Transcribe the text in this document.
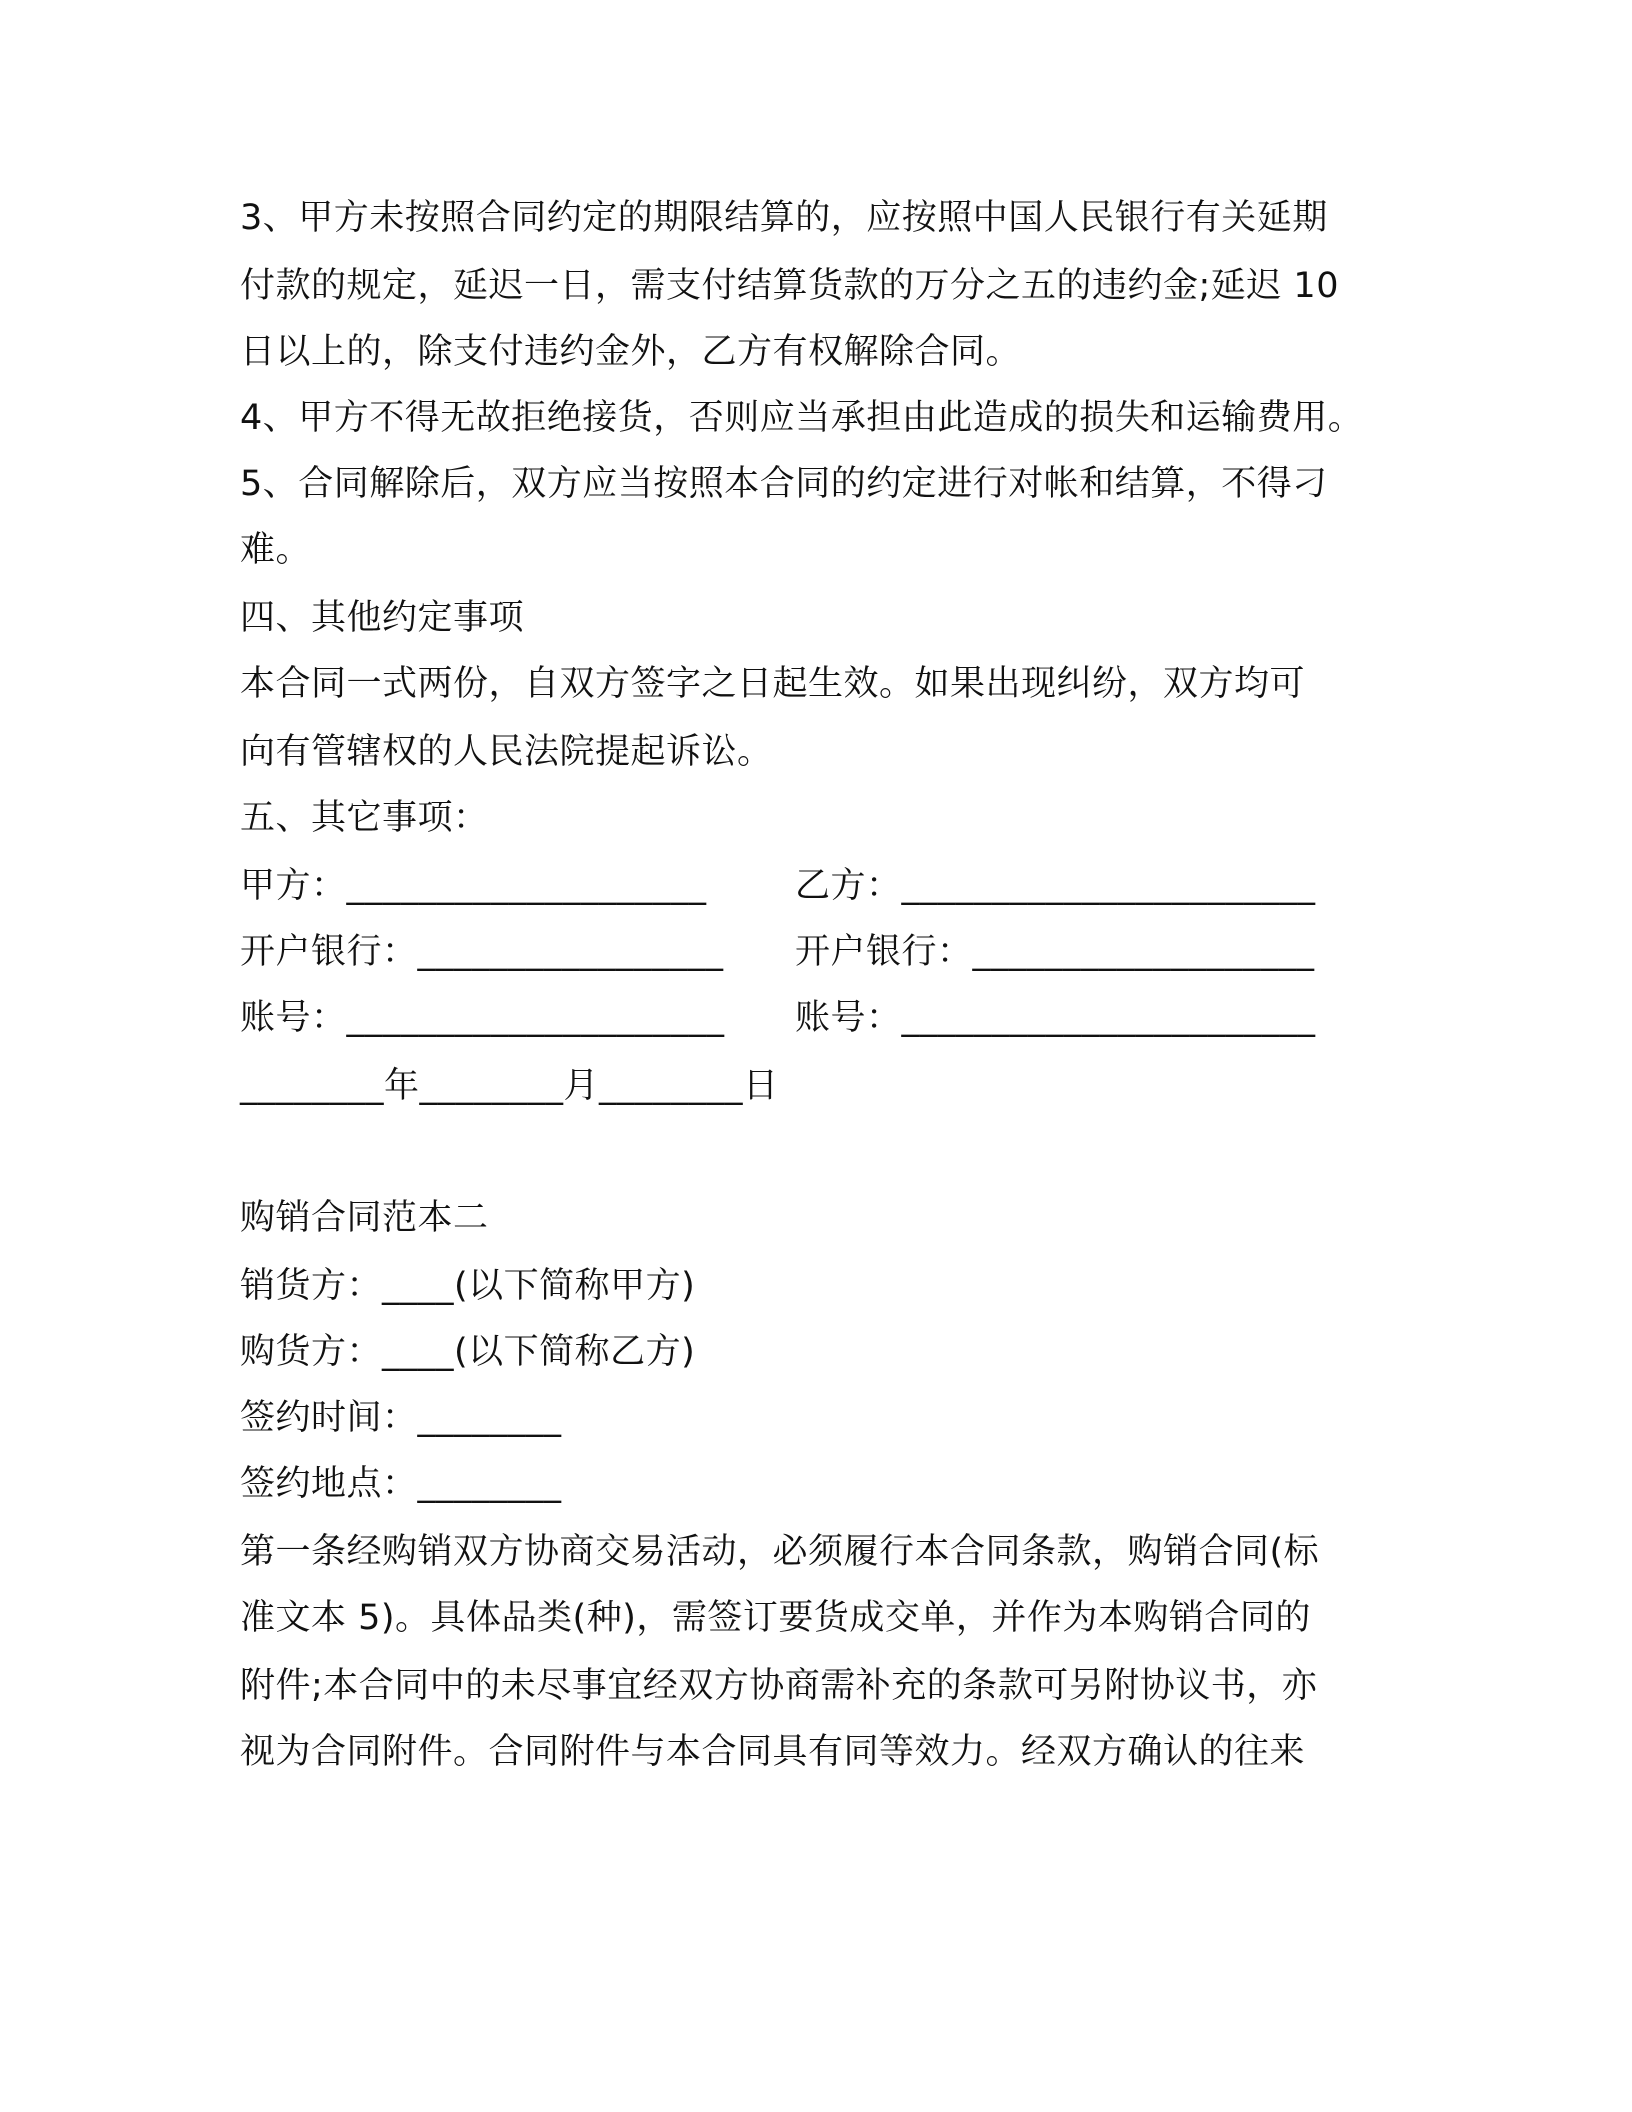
3、甲方未按照合同约定的期限结算的，应按照中国人民银行有关延期
付款的规定，延迟一日，需支付结算货款的万分之五的违约金;延迟 10
日以上的，除支付违约金外，乙方有权解除合同。
4、甲方不得无故拒绝接货，否则应当承担由此造成的损失和运输费用。
5、合同解除后，双方应当按照本合同的约定进行对帐和结算，不得刁
难。
四、其他约定事项
本合同一式两份，自双方签字之日起生效。如果出现纠纷，双方均可
向有管辖权的人民法院提起诉讼。
五、其它事项：
甲方：____________________	乙方：_______________________
开户银行：_________________ 开户银行：___________________
账号：_____________________ 账号：_______________________
________年________月________日
购销合同范本二
销货方：____(以下简称甲方)
购货方：____(以下简称乙方)
签约时间：________
签约地点：________
第一条经购销双方协商交易活动，必须履行本合同条款，购销合同(标
准文本 5)。具体品类(种)，需签订要货成交单，并作为本购销合同的
附件;本合同中的未尽事宜经双方协商需补充的条款可另附协议书，亦
视为合同附件。合同附件与本合同具有同等效力。经双方确认的往来
